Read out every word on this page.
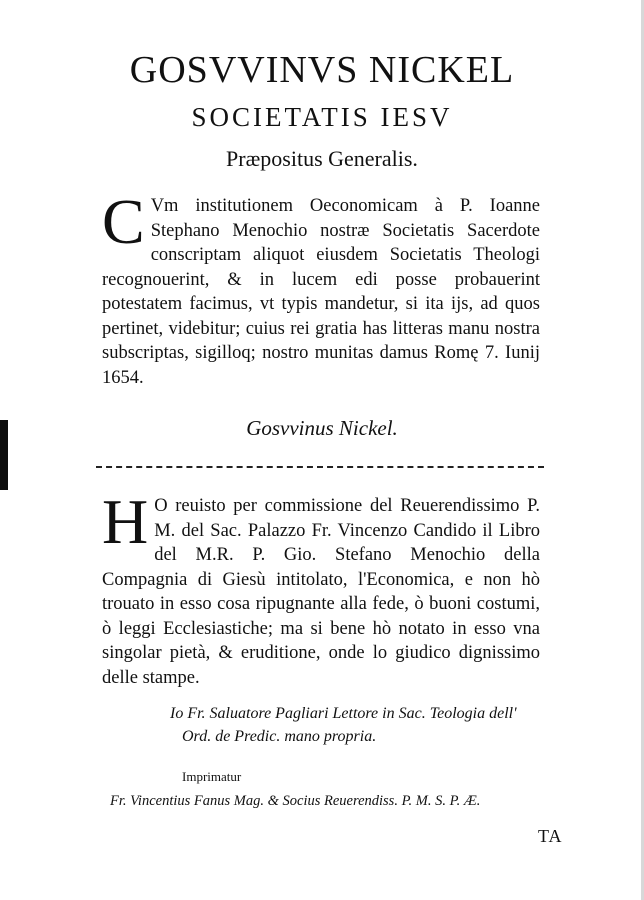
GOSVVINVS NICKEL
SOCIETATIS IESV
Præpositus Generalis.
C Vm institutionem Oeconomicam à P. Ioanne Stephano Menochio nostræ Societatis Sacerdote conscriptam aliquot eiusdem Societatis Theologi recognouerint, & in lucem edi posse probauerint potestatem facimus, vt typis mandetur, si ita ijs, ad quos pertinet, videbitur; cuius rei gratia has litteras manu nostra subscriptas, sigilloq; nostro munitas damus Romę 7. Iunij 1654.
Gosvvinus Nickel.
H O reuisto per commissione del Reuerendissimo P. M. del Sac. Palazzo Fr. Vincenzo Candido il Libro del M.R. P. Gio. Stefano Menochio della Compagnia di Giesù intitolato, l'Economica, e non hò trouato in esso cosa ripugnante alla fede, ò buoni costumi, ò leggi Ecclesiastiche; ma si bene hò notato in esso vna singolar pietà, & eruditione, onde lo giudico dignissimo delle stampe.
Io Fr. Saluatore Pagliari Lettore in Sac. Teologia dell'
Ord. de Predic. mano propria.
Imprimatur
Fr. Vincentius Fanus Mag. & Socius Reuerendiss. P. M. S. P. Æ.
TA
